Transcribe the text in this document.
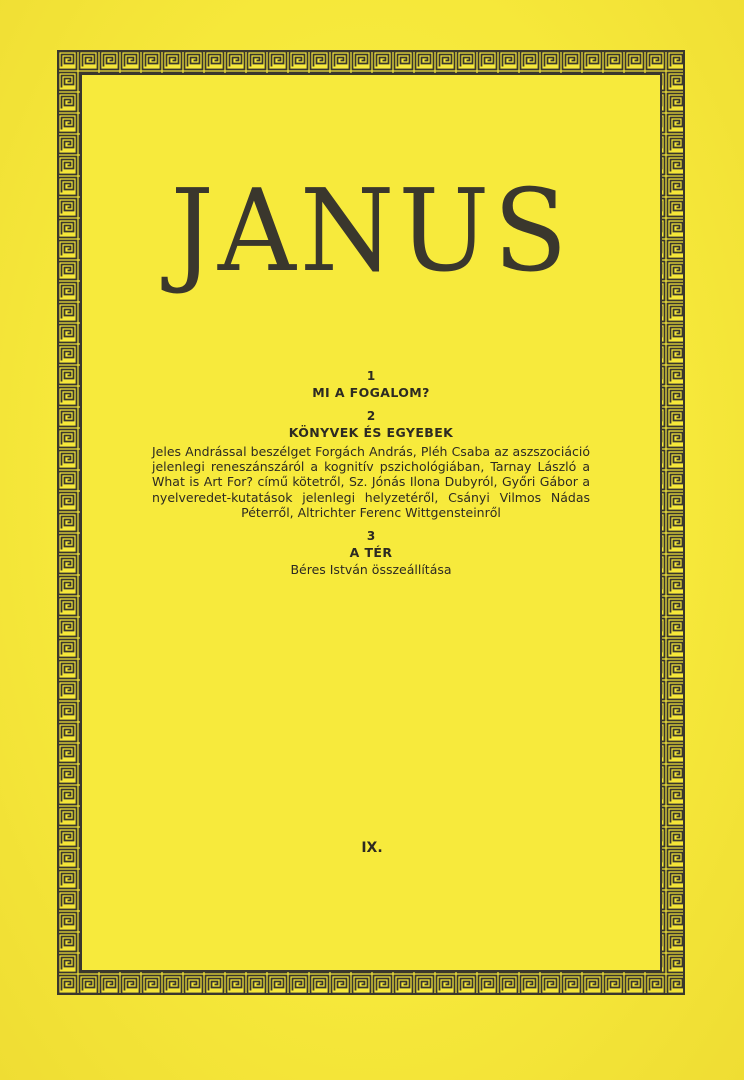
JANUS
1
MI A FOGALOM?
2
KÖNYVEK ÉS EGYEBEK
Jeles Andrással beszélget Forgách András, Pléh Csaba az aszszociáció jelenlegi reneszánszáról a kognitív pszichológiában, Tarnay László a What is Art For? című kötetről, Sz. Jónás Ilona Dubyról, Győri Gábor a nyelveredet-kutatások jelenlegi helyzetéről, Csányi Vilmos Nádas Péterről, Altrichter Ferenc Wittgensteinről
3
A TÉR
Béres István összeállítása
IX.
